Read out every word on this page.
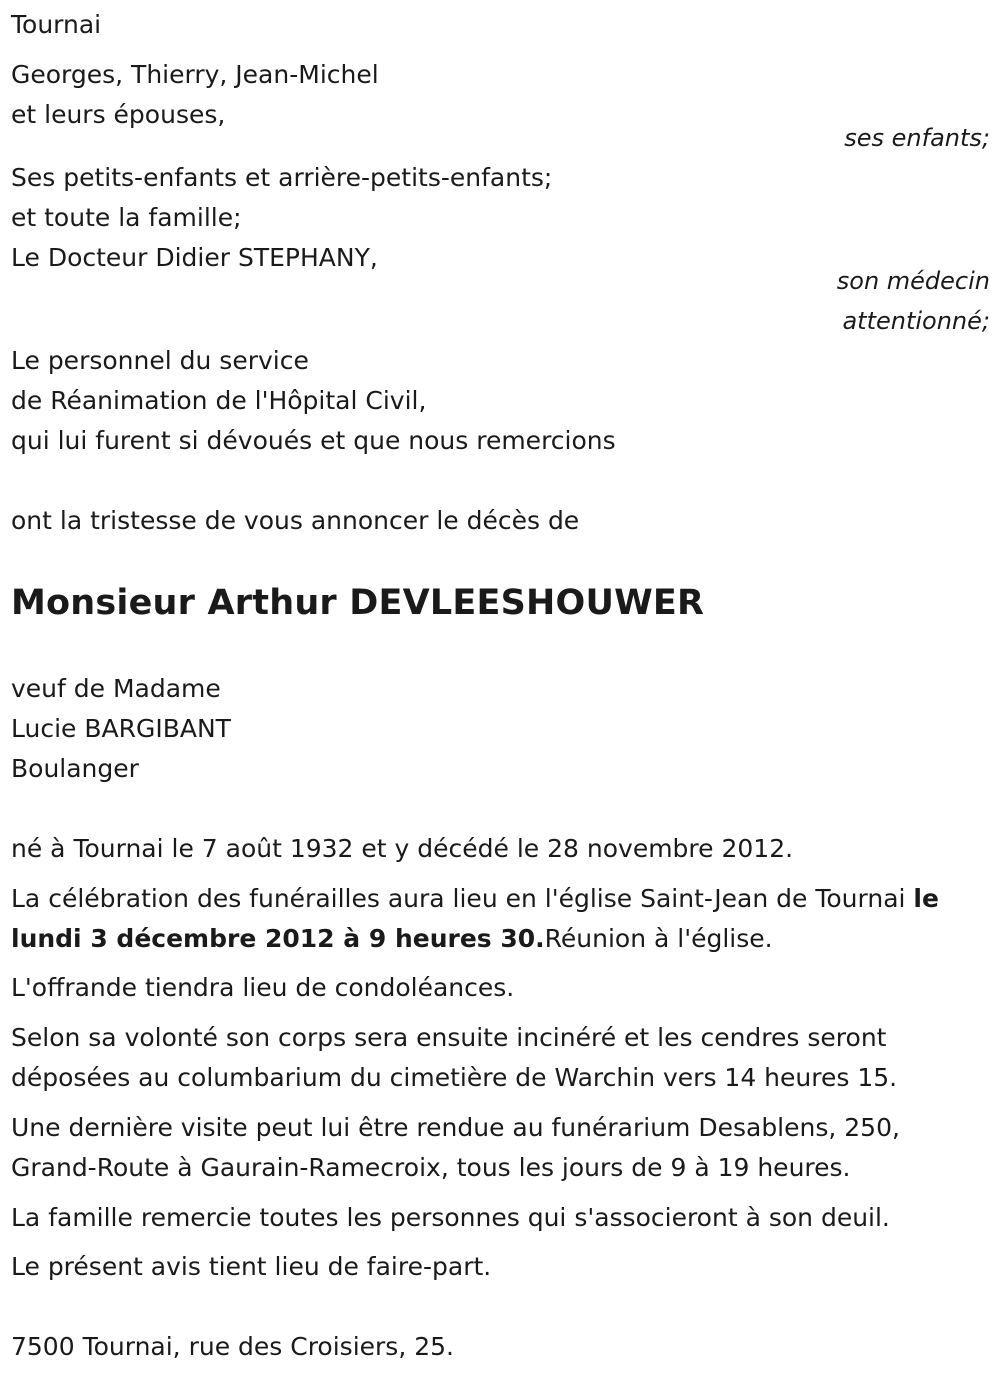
Tournai
Georges, Thierry, Jean-Michel
et leurs épouses,
ses enfants;
Ses petits-enfants et arrière-petits-enfants;
et toute la famille;
Le Docteur Didier STEPHANY,
son médecin
attentionné;
Le personnel du service
de Réanimation de l'Hôpital Civil,
qui lui furent si dévoués et que nous remercions
ont la tristesse de vous annoncer le décès de
Monsieur Arthur DEVLEESHOUWER
veuf de Madame
Lucie BARGIBANT
Boulanger
né à Tournai le 7 août 1932 et y décédé le 28 novembre 2012.
La célébration des funérailles aura lieu en l'église Saint-Jean de Tournai le lundi 3 décembre 2012 à 9 heures 30.Réunion à l'église.
L'offrande tiendra lieu de condoléances.
Selon sa volonté son corps sera ensuite incinéré et les cendres seront déposées au columbarium du cimetière de Warchin vers 14 heures 15.
Une dernière visite peut lui être rendue au funérarium Desablens, 250, Grand-Route à Gaurain-Ramecroix, tous les jours de 9 à 19 heures.
La famille remercie toutes les personnes qui s'associeront à son deuil.
Le présent avis tient lieu de faire-part.
7500 Tournai, rue des Croisiers, 25.
